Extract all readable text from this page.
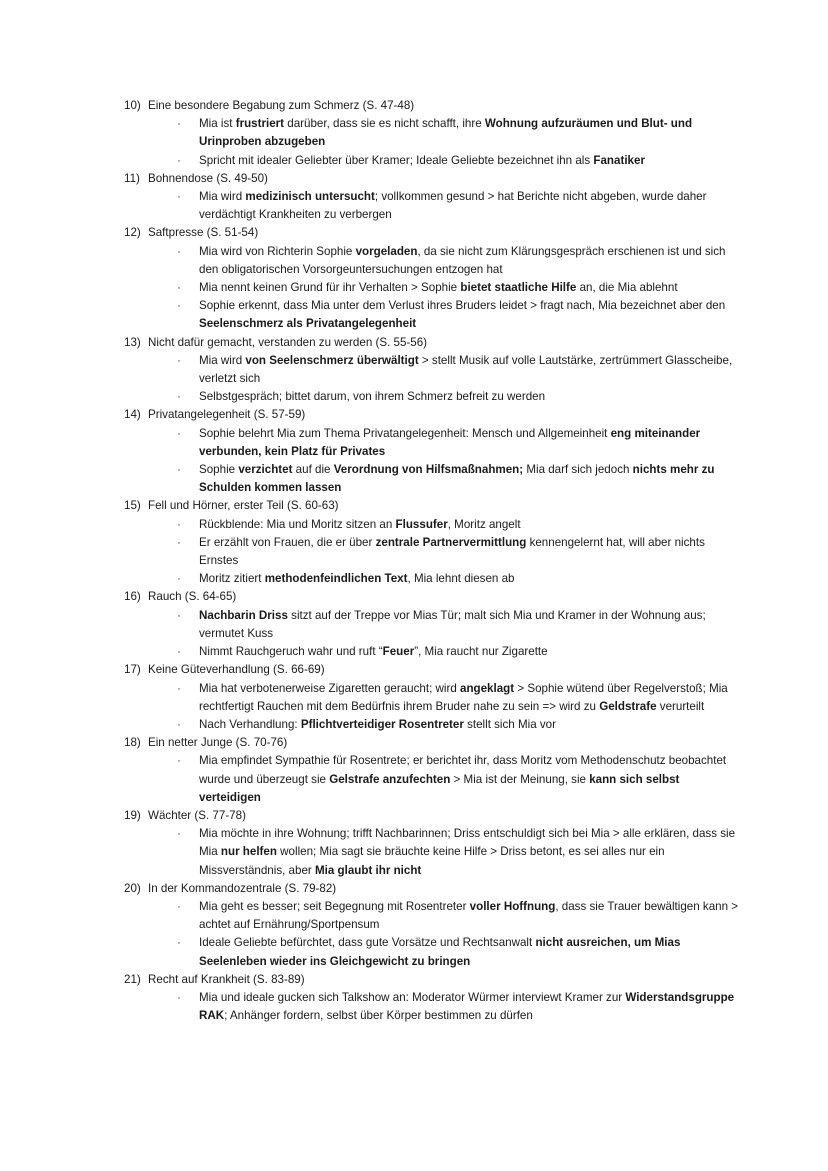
10) Eine besondere Begabung zum Schmerz (S. 47-48)
· Mia ist frustriert darüber, dass sie es nicht schafft, ihre Wohnung aufzuräumen und Blut- und Urinproben abzugeben
· Spricht mit idealer Geliebter über Kramer; Ideale Geliebte bezeichnet ihn als Fanatiker
11) Bohnendose (S. 49-50)
· Mia wird medizinisch untersucht; vollkommen gesund > hat Berichte nicht abgeben, wurde daher verdächtigt Krankheiten zu verbergen
12) Saftpresse (S. 51-54)
· Mia wird von Richterin Sophie vorgeladen, da sie nicht zum Klärungsgespräch erschienen ist und sich den obligatorischen Vorsorgeuntersuchungen entzogen hat
· Mia nennt keinen Grund für ihr Verhalten > Sophie bietet staatliche Hilfe an, die Mia ablehnt
· Sophie erkennt, dass Mia unter dem Verlust ihres Bruders leidet > fragt nach, Mia bezeichnet aber den Seelenschmerz als Privatangelegenheit
13) Nicht dafür gemacht, verstanden zu werden (S. 55-56)
· Mia wird von Seelenschmerz überwältigt > stellt Musik auf volle Lautstärke, zertrümmert Glasscheibe, verletzt sich
· Selbstgespräch; bittet darum, von ihrem Schmerz befreit zu werden
14) Privatangelegenheit (S. 57-59)
· Sophie belehrt Mia zum Thema Privatangelegenheit: Mensch und Allgemeinheit eng miteinander verbunden, kein Platz für Privates
· Sophie verzichtet auf die Verordnung von Hilfsmaßnahmen; Mia darf sich jedoch nichts mehr zu Schulden kommen lassen
15) Fell und Hörner, erster Teil (S. 60-63)
· Rückblende: Mia und Moritz sitzen an Flussufer, Moritz angelt
· Er erzählt von Frauen, die er über zentrale Partnervermittlung kennengelernt hat, will aber nichts Ernstes
· Moritz zitiert methodenfeindlichen Text, Mia lehnt diesen ab
16) Rauch (S. 64-65)
· Nachbarin Driss sitzt auf der Treppe vor Mias Tür; malt sich Mia und Kramer in der Wohnung aus; vermutet Kuss
· Nimmt Rauchgeruch wahr und ruft “Feuer”, Mia raucht nur Zigarette
17) Keine Güteverhandlung (S. 66-69)
· Mia hat verbotenerweise Zigaretten geraucht; wird angeklagt > Sophie wütend über Regelverstoß; Mia rechtfertigt Rauchen mit dem Bedürfnis ihrem Bruder nahe zu sein => wird zu Geldstrafe verurteilt
· Nach Verhandlung: Pflichtverteidiger Rosentreter stellt sich Mia vor
18) Ein netter Junge (S. 70-76)
· Mia empfindet Sympathie für Rosentrete; er berichtet ihr, dass Moritz vom Methodenschutz beobachtet wurde und überzeugt sie Gelstrafe anzufechten > Mia ist der Meinung, sie kann sich selbst verteidigen
19) Wächter (S. 77-78)
· Mia möchte in ihre Wohnung; trifft Nachbarinnen; Driss entschuldigt sich bei Mia > alle erklären, dass sie Mia nur helfen wollen; Mia sagt sie bräuchte keine Hilfe > Driss betont, es sei alles nur ein Missverständnis, aber Mia glaubt ihr nicht
20) In der Kommandozentrale (S. 79-82)
· Mia geht es besser; seit Begegnung mit Rosentreter voller Hoffnung, dass sie Trauer bewältigen kann > achtet auf Ernährung/Sportpensum
· Ideale Geliebte befürchtet, dass gute Vorsätze und Rechtsanwalt nicht ausreichen, um Mias Seelenleben wieder ins Gleichgewicht zu bringen
21) Recht auf Krankheit (S. 83-89)
· Mia und ideale gucken sich Talkshow an: Moderator Würmer interviewt Kramer zur Widerstandsgruppe RAK; Anhänger fordern, selbst über Körper bestimmen zu dürfen
